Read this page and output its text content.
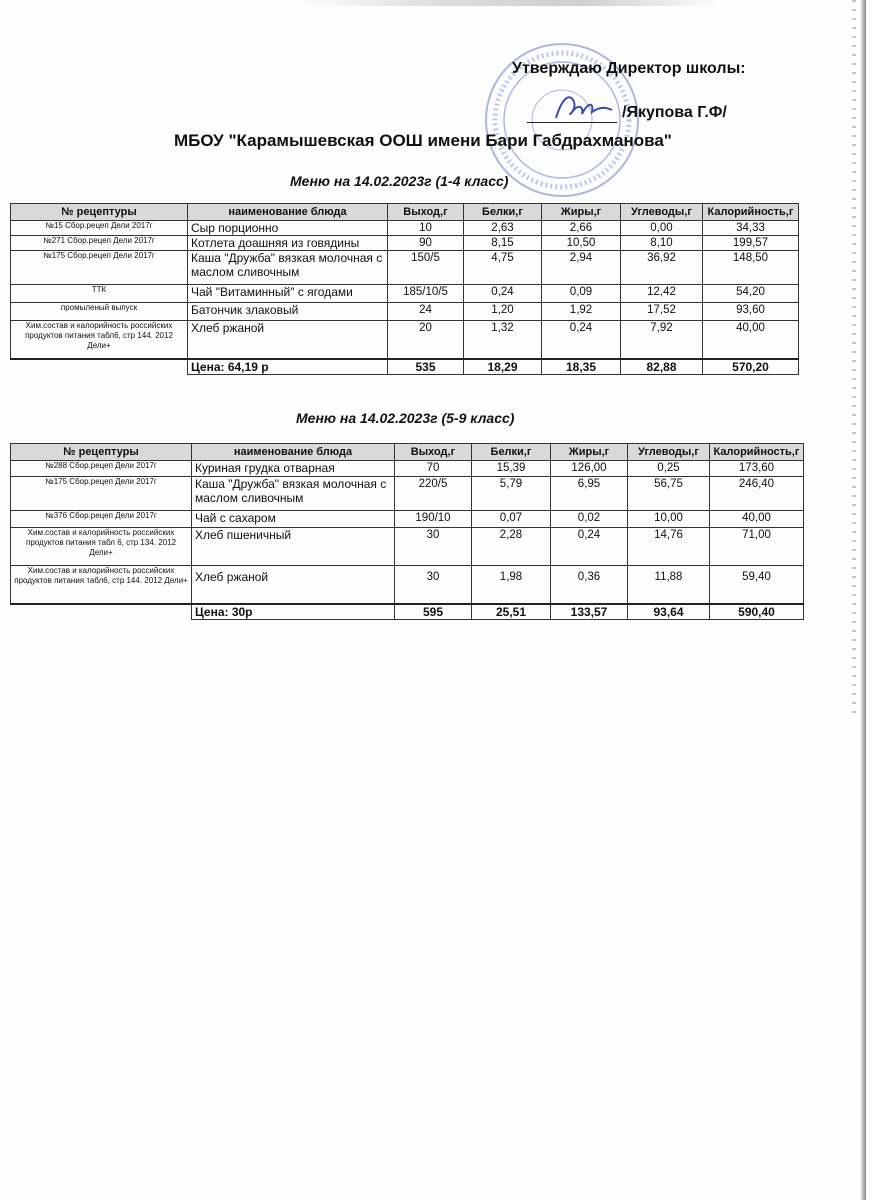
Утверждаю Директор школы:
/Якупова Г.Ф/
МБОУ "Карамышевская ООШ имени Бари Габдрахманова"
Меню на 14.02.2023г (1-4 класс)
№ рецептуры	наименование блюда	Выход,г	Белки,г	Жиры,г	Углеводы,г	Калорийность,г
№15 Сбор.рецеп Дели 2017г	Сыр порционно	10	2,63	2,66	0,00	34,33
№271 Сбор.рецеп Дели 2017г	Котлета доашняя из говядины	90	8,15	10,50	8,10	199,57
№175 Сбор.рецеп Дели 2017г	Каша "Дружба" вязкая молочная с маслом сливочным	150/5	4,75	2,94	36,92	148,50
ТТК	Чай "Витаминный" с ягодами	185/10/5	0,24	0,09	12,42	54,20
промыленый выпуск	Батончик злаковый	24	1,20	1,92	17,52	93,60
Хим.состав и калорийность российских продуктов питания табл6, стр 144. 2012 Дели+	Хлеб ржаной	20	1,32	0,24	7,92	40,00
	Цена: 64,19 р	535	18,29	18,35	82,88	570,20
Меню на 14.02.2023г (5-9 класс)
№ рецептуры	наименование блюда	Выход,г	Белки,г	Жиры,г	Углеводы,г	Калорийность,г
№288 Сбор.рецеп Дели 2017г	Куриная грудка отварная	70	15,39	126,00	0,25	173,60
№175 Сбор.рецеп Дели 2017г	Каша "Дружба" вязкая молочная с маслом сливочным	220/5	5,79	6,95	56,75	246,40
№376 Сбор.рецеп Дели 2017г	Чай с сахаром	190/10	0,07	0,02	10,00	40,00
Хим.состав и калорийность российских продуктов питания табл 6, стр 134. 2012 Дели+	Хлеб пшеничный	30	2,28	0,24	14,76	71,00
Хим.состав и калорийность российских продуктов питания табл6, стр 144. 2012 Дели+	Хлеб ржаной	30	1,98	0,36	11,88	59,40
	Цена: 30р	595	25,51	133,57	93,64	590,40
